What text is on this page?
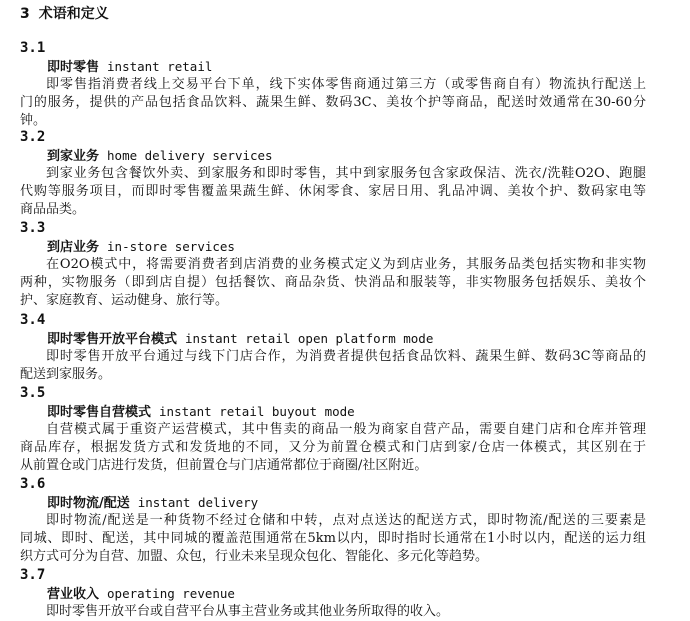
3 术语和定义
3.1
即时零售 instant retail
即零售指消费者线上交易平台下单，线下实体零售商通过第三方（或零售商自有）物流执行配送上
门的服务，提供的产品包括食品饮料、蔬果生鲜、数码3C、美妆个护等商品，配送时效通常在30-60分
钟。
3.2
到家业务 home delivery services
到家业务包含餐饮外卖、到家服务和即时零售，其中到家服务包含家政保洁、洗衣/洗鞋O2O、跑腿
代购等服务项目，而即时零售覆盖果蔬生鲜、休闲零食、家居日用、乳品冲调、美妆个护、数码家电等
商品品类。
3.3
到店业务 in-store services
在O2O模式中，将需要消费者到店消费的业务模式定义为到店业务，其服务品类包括实物和非实物
两种，实物服务（即到店自提）包括餐饮、商品杂货、快消品和服装等，非实物服务包括娱乐、美妆个
护、家庭教育、运动健身、旅行等。
3.4
即时零售开放平台模式 instant retail open platform mode
即时零售开放平台通过与线下门店合作，为消费者提供包括食品饮料、蔬果生鲜、数码3C等商品的
配送到家服务。
3.5
即时零售自营模式 instant retail buyout mode
自营模式属于重资产运营模式，其中售卖的商品一般为商家自营产品，需要自建门店和仓库并管理
商品库存，根据发货方式和发货地的不同，又分为前置仓模式和门店到家/仓店一体模式，其区别在于
从前置仓或门店进行发货，但前置仓与门店通常都位于商圈/社区附近。
3.6
即时物流/配送 instant delivery
即时物流/配送是一种货物不经过仓储和中转，点对点送达的配送方式，即时物流/配送的三要素是
同城、即时、配送，其中同城的覆盖范围通常在5km以内，即时指时长通常在1小时以内，配送的运力组
织方式可分为自营、加盟、众包，行业未来呈现众包化、智能化、多元化等趋势。
3.7
营业收入 operating revenue
即时零售开放平台或自营平台从事主营业务或其他业务所取得的收入。
